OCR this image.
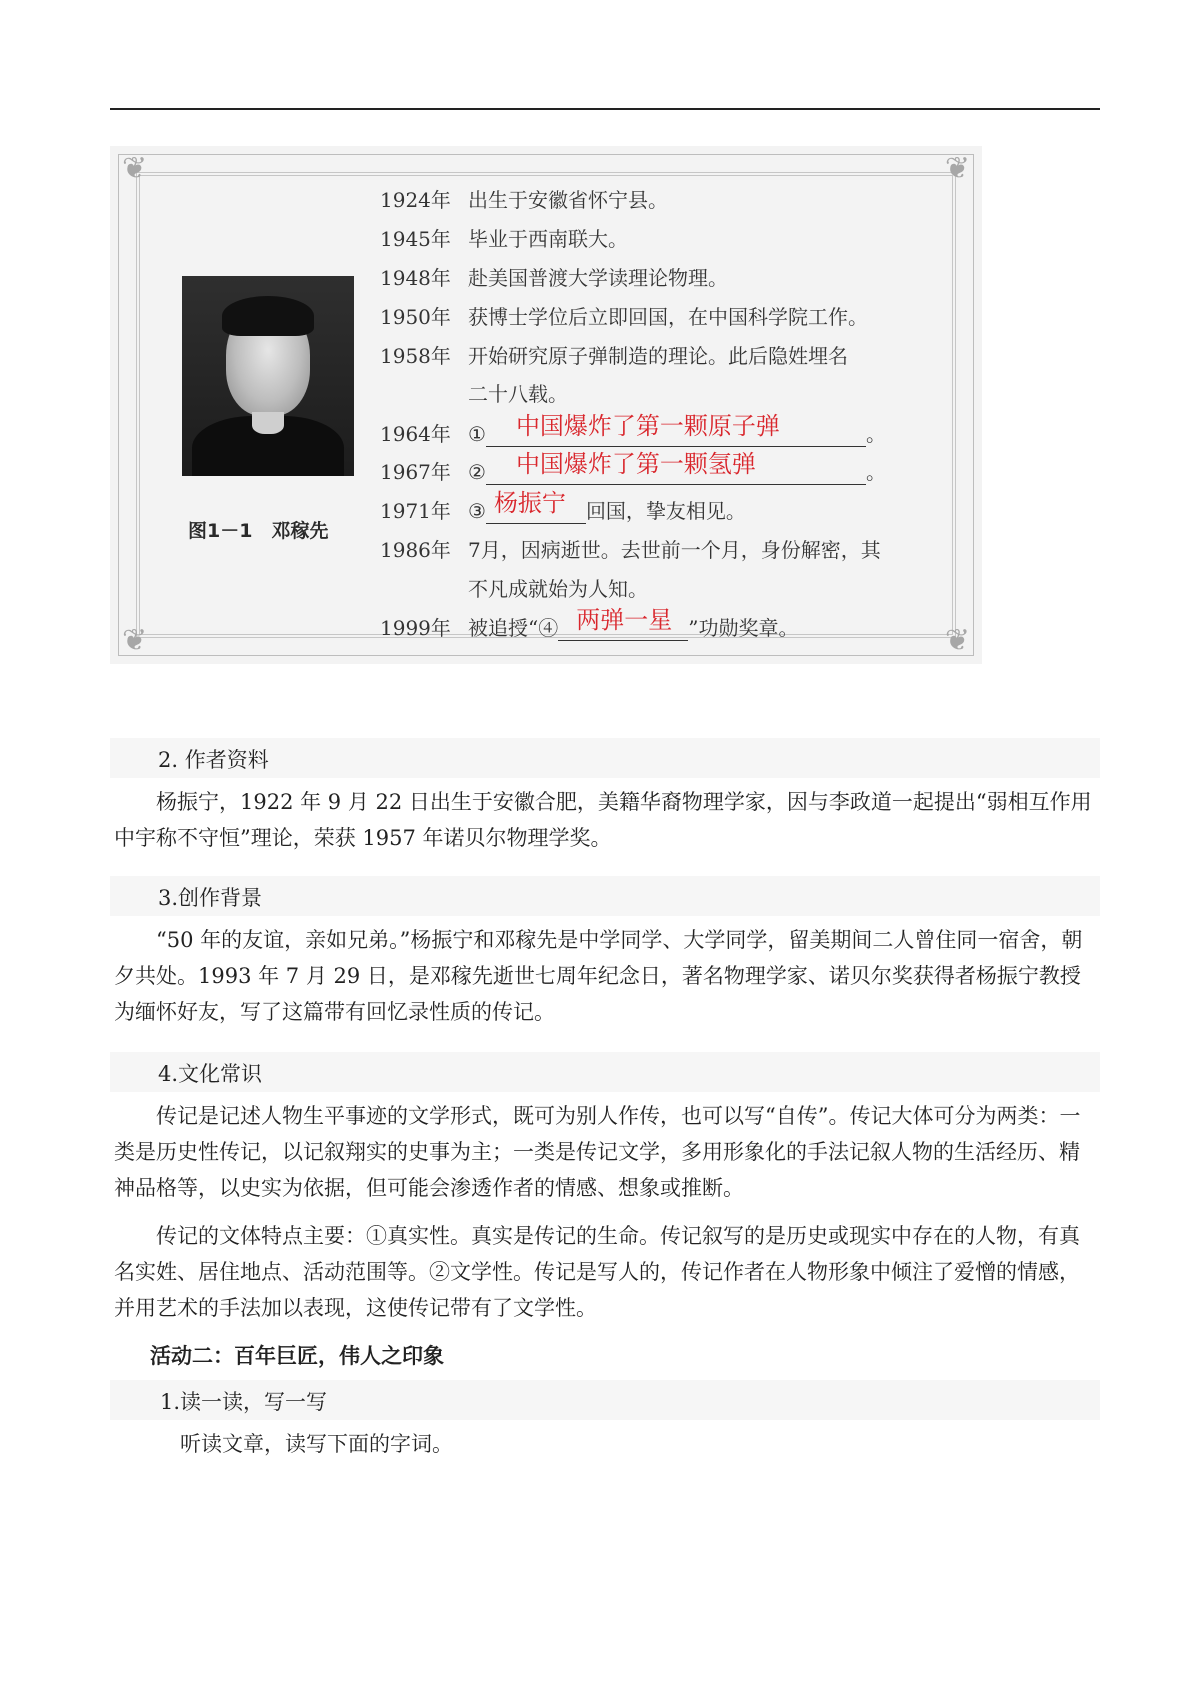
❦	❦
❦	❦
图1－1　邓稼先
1924年 出生于安徽省怀宁县。
1945年 毕业于西南联大。
1948年 赴美国普渡大学读理论物理。
1950年 获博士学位后立即回国，在中国科学院工作。
1958年 开始研究原子弹制造的理论。此后隐姓埋名
二十八载。
1964年 ① 中国爆炸了第一颗原子弹	。
1967年 ② 中国爆炸了第一颗氢弹	。
1971年 ③ 杨振宁 回国，挚友相见。
1986年 7月，因病逝世。去世前一个月，身份解密，其
不凡成就始为人知。
1999年 被追授“④ 两弹一星 ”功勋奖章。
2. 作者资料
杨振宁，1922 年 9 月 22 日出生于安徽合肥，美籍华裔物理学家，因与李政道一起提出“弱相互作用中宇称不守恒”理论，荣获 1957 年诺贝尔物理学奖。
3.创作背景
“50 年的友谊，亲如兄弟。”杨振宁和邓稼先是中学同学、大学同学，留美期间二人曾住同一宿舍，朝夕共处。1993 年 7 月 29 日，是邓稼先逝世七周年纪念日，著名物理学家、诺贝尔奖获得者杨振宁教授为缅怀好友，写了这篇带有回忆录性质的传记。
4.文化常识
传记是记述人物生平事迹的文学形式，既可为别人作传，也可以写“自传”。传记大体可分为两类：一类是历史性传记，以记叙翔实的史事为主；一类是传记文学，多用形象化的手法记叙人物的生活经历、精神品格等，以史实为依据，但可能会渗透作者的情感、想象或推断。
传记的文体特点主要：①真实性。真实是传记的生命。传记叙写的是历史或现实中存在的人物，有真名实姓、居住地点、活动范围等。②文学性。传记是写人的，传记作者在人物形象中倾注了爱憎的情感，并用艺术的手法加以表现，这使传记带有了文学性。
活动二：百年巨匠，伟人之印象
1.读一读，写一写
听读文章，读写下面的字词。
